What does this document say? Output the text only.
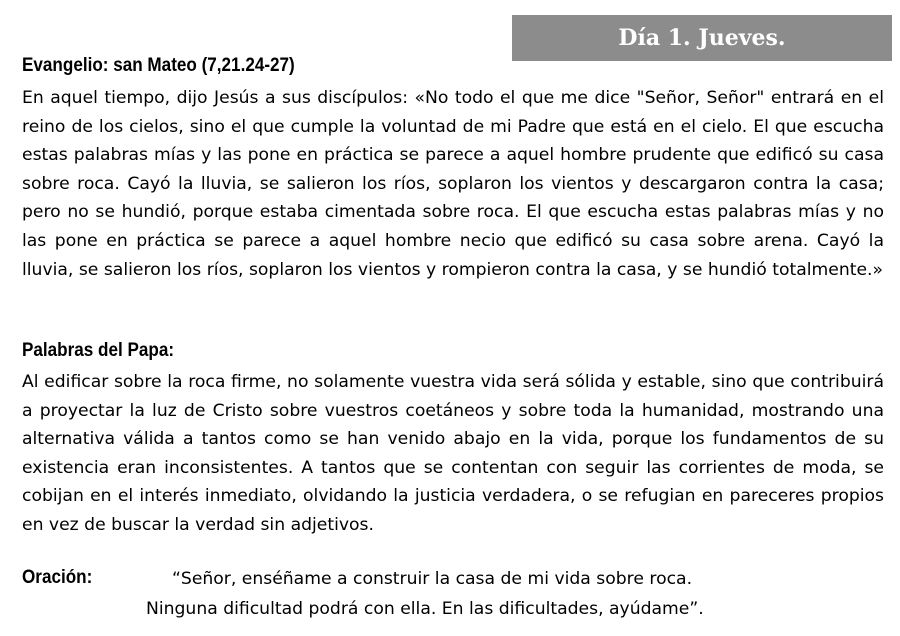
Día 1. Jueves.
Evangelio: san Mateo (7,21.24-27)

En aquel tiempo, dijo Jesús a sus discípulos: «No todo el que me dice "Señor, Señor" entrará en el reino de los cielos, sino el que cumple la voluntad de mi Padre que está en el cielo. El que escucha estas palabras mías y las pone en práctica se parece a aquel hombre prudente que edificó su casa sobre roca. Cayó la lluvia, se salieron los ríos, soplaron los vientos y descargaron contra la casa; pero no se hundió, porque estaba cimentada sobre roca. El que escucha estas palabras mías y no las pone en práctica se parece a aquel hombre necio que edificó su casa sobre arena. Cayó la lluvia, se salieron los ríos, soplaron los vientos y rompieron contra la casa, y se hundió totalmente.»

Palabras del Papa:

Al edificar sobre la roca firme, no solamente vuestra vida será sólida y estable, sino que contribuirá a proyectar la luz de Cristo sobre vuestros coetáneos y sobre toda la humanidad, mostrando una alternativa válida a tantos como se han venido abajo en la vida, porque los fundamentos de su existencia eran inconsistentes. A tantos que se contentan con seguir las corrientes de moda, se cobijan en el interés inmediato, olvidando la justicia verdadera, o se refugian en pareceres propios en vez de buscar la verdad sin adjetivos.

Oración:	“Señor, enséñame a construir la casa de mi vida sobre roca.
Ninguna dificultad podrá con ella. En las dificultades, ayúdame”.
